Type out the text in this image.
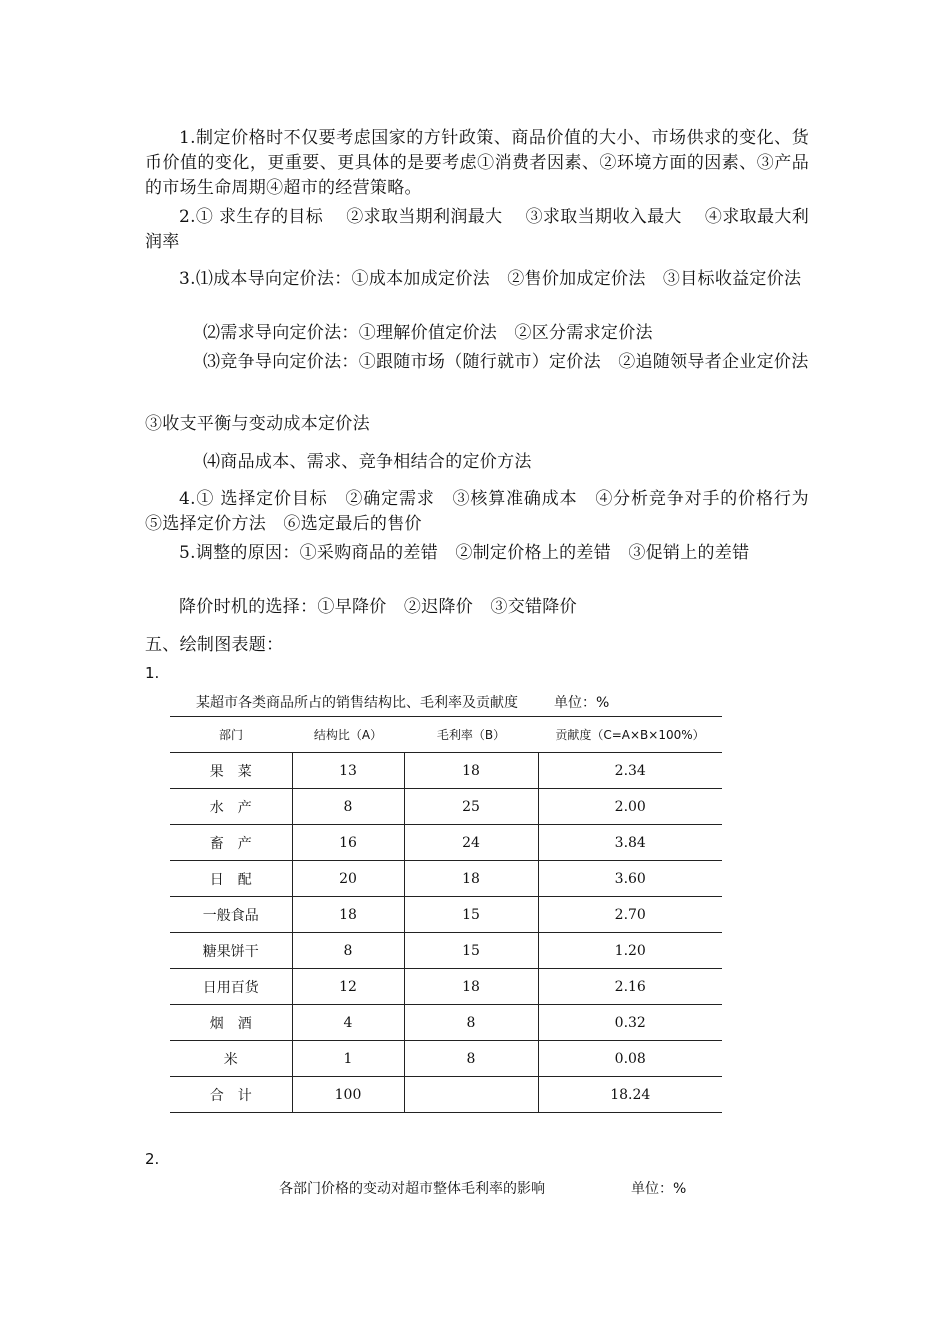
1.制定价格时不仅要考虑国家的方针政策、商品价值的大小、市场供求的变化、货币价值的变化，更重要、更具体的是要考虑①消费者因素、②环境方面的因素、③产品的市场生命周期④超市的经营策略。

2.① 求生存的目标　 ②求取当期利润最大　 ③求取当期收入最大　 ④求取最大利润率

3.⑴成本导向定价法：①成本加成定价法　②售价加成定价法　③目标收益定价法

⑵需求导向定价法：①理解价值定价法　②区分需求定价法

⑶竞争导向定价法：①跟随市场（随行就市）定价法　②追随领导者企业定价法

③收支平衡与变动成本定价法

⑷商品成本、需求、竞争相结合的定价方法

4.① 选择定价目标　②确定需求　③核算准确成本　④分析竞争对手的价格行为　⑤选择定价方法　⑥选定最后的售价

5.调整的原因：①采购商品的差错　②制定价格上的差错　③促销上的差错

降价时机的选择：①早降价　②迟降价　③交错降价

五、绘制图表题：

1.
某超市各类商品所占的销售结构比、毛利率及贡献度	单位：%
部门	结构比（A）	毛利率（B）	贡献度（C=A×B×100%）
果　菜	13	18	2.34
水　产	8	25	2.00
畜　产	16	24	3.84
日　配	20	18	3.60
一般食品	18	15	2.70
糖果饼干	8	15	1.20
日用百货	12	18	2.16
烟　酒	4	8	0.32
米	1	8	0.08
合　计	100		18.24
2.
各部门价格的变动对超市整体毛利率的影响	单位：%
